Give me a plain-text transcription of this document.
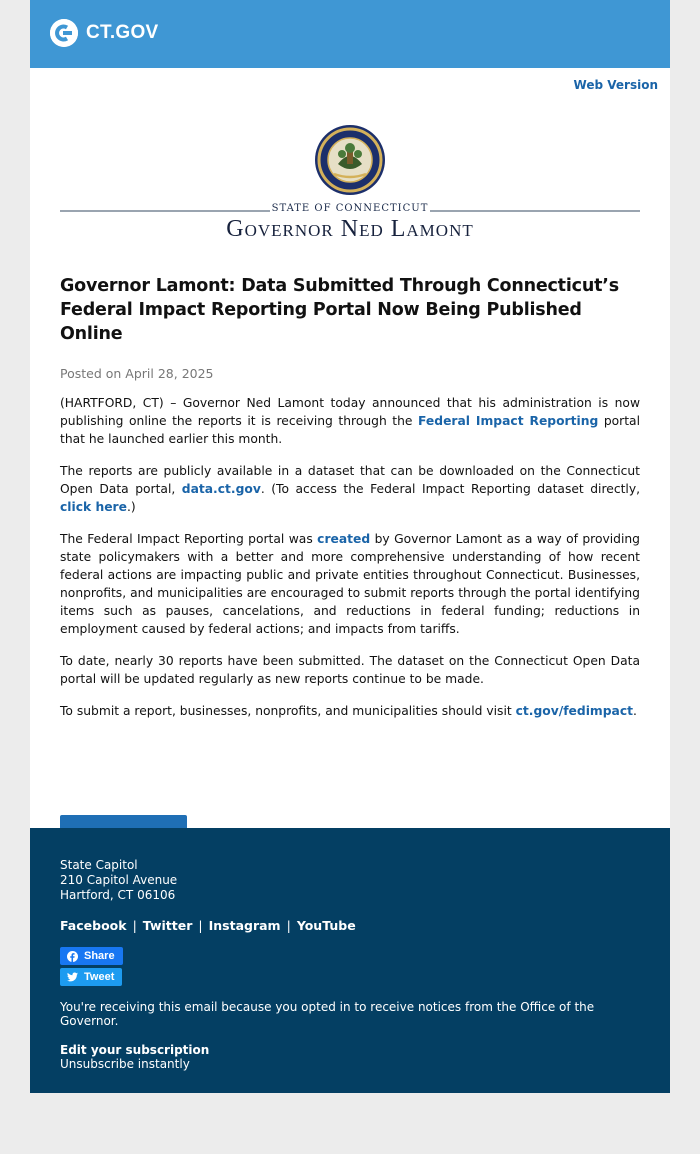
CT.GOV
Web Version
STATE OF CONNECTICUT
Governor Ned Lamont
Governor Lamont: Data Submitted Through Connecticut’s Federal Impact Reporting Portal Now Being Published Online
Posted on April 28, 2025

(HARTFORD, CT) – Governor Ned Lamont today announced that his administration is now publishing online the reports it is receiving through the Federal Impact Reporting portal that he launched earlier this month.

The reports are publicly available in a dataset that can be downloaded on the Connecticut Open Data portal, data.ct.gov. (To access the Federal Impact Reporting dataset directly, click here.)

The Federal Impact Reporting portal was created by Governor Lamont as a way of providing state policymakers with a better and more comprehensive understanding of how recent federal actions are impacting public and private entities throughout Connecticut. Businesses, nonprofits, and municipalities are encouraged to submit reports through the portal identifying items such as pauses, cancelations, and reductions in federal funding; reductions in employment caused by federal actions; and impacts from tariffs.

To date, nearly 30 reports have been submitted. The dataset on the Connecticut Open Data portal will be updated regularly as new reports continue to be made.

To submit a report, businesses, nonprofits, and municipalities should visit ct.gov/fedimpact.

State Capitol
210 Capitol Avenue
Hartford, CT 06106
Facebook | Twitter | Instagram | YouTube
Share
Tweet
You're receiving this email because you opted in to receive notices from the Office of the Governor.
Edit your subscription
Unsubscribe instantly
